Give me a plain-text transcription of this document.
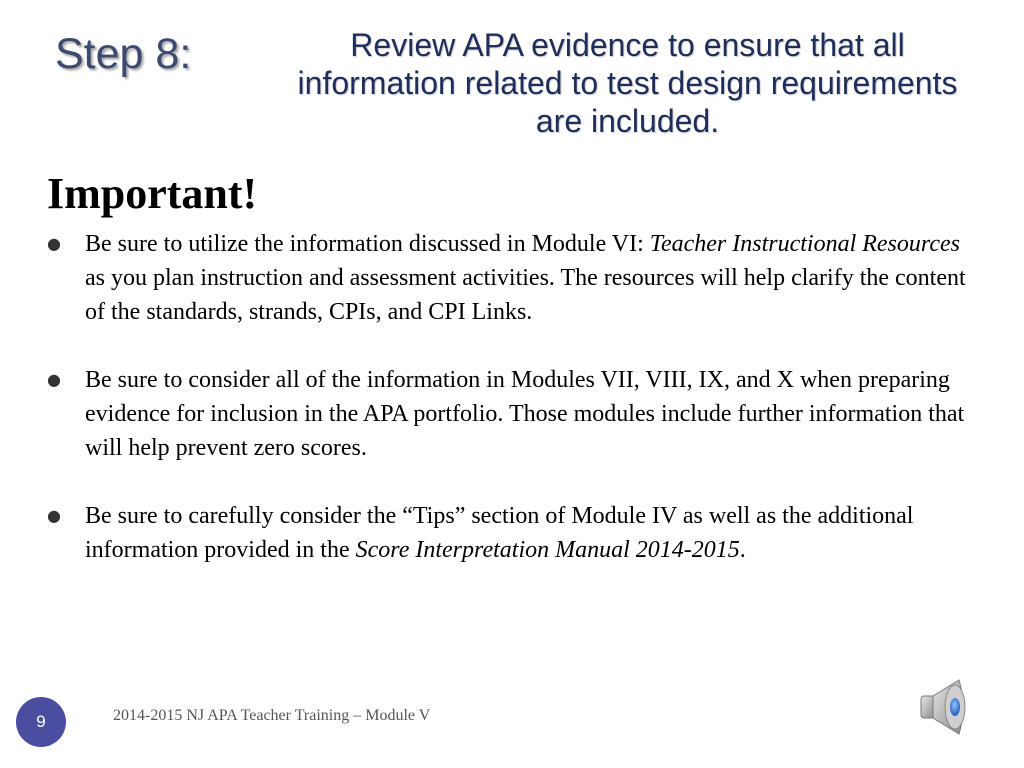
Step 8:	Review APA evidence to ensure that all information related to test design requirements are included.
Important!
● Be sure to utilize the information discussed in Module VI: Teacher Instructional Resources as you plan instruction and assessment activities. The resources will help clarify the content of the standards, strands, CPIs, and CPI Links.
● Be sure to consider all of the information in Modules VII, VIII, IX, and X when preparing evidence for inclusion in the APA portfolio. Those modules include further information that will help prevent zero scores.
● Be sure to carefully consider the “Tips” section of Module IV as well as the additional information provided in the Score Interpretation Manual 2014-2015.
9	2014-2015 NJ APA Teacher Training – Module V
